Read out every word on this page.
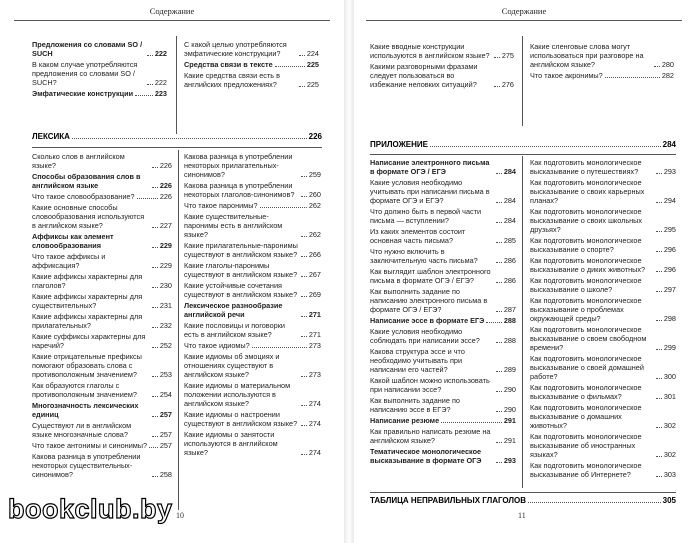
Содержание
Предложения со словами SO / SUCH	222
В каком случае употребляются предложения со словами SO / SUCH?	222
Эмфатические конструкции	223
С какой целью употребляются эмфатические конструкции?	224
Средства связи в тексте	225
Какие средства связи есть в английских предложениях?	225
ЛЕКСИКА	226
Сколько слов в английском языке?	226
Способы образования слов в английском языке	226
Что такое словообразование?	226
Какие основные способы словообразования используются в английском языке?	227
Аффиксы как элемент словообразования	229
Что такое аффиксы и аффиксация?	229
Какие аффиксы характерны для глаголов?	230
Какие аффиксы характерны для существительных?	231
Какие аффиксы характерны для прилагательных?	232
Какие суффиксы характерны для наречий?	252
Какие отрицательные префиксы помогают образовать слова с противоположным значением?	253
Как образуются глаголы с противоположным значением?	254
Многозначность лексических единиц	257
Существуют ли в английском языке многозначные слова?	257
Что такое антонимы и синонимы? 257
Какова разница в употреблении некоторых существительных-синонимов?	258
Какова разница в употреблении некоторых прилагательных-синонимов?	259
Какова разница в употреблении некоторых глаголов-синонимов?	260
Что такое паронимы?	262
Какие существительные-паронимы есть в английском языке?	262
Какие прилагательные-паронимы существуют в английском языке? 266
Какие глаголы-паронимы существуют в английском языке? 267
Какие устойчивые сочетания существуют в английском языке? 269
Лексическое разнообразие английской речи	271
Какие пословицы и поговорки есть в английском языке?	271
Что такое идиомы?	273
Какие идиомы об эмоциях и отношениях существуют в английском языке?	273
Какие идиомы о материальном положении используются в английском языке?	274
Какие идиомы о настроении существуют в английском языке? 274
Какие идиомы о занятости используются в английском языке?	274
10
Содержание
Какие вводные конструкции используются в английском языке?	275
Какими разговорными фразами следует пользоваться во избежание неловких ситуаций?	276
Какие сленговые слова могут использоваться при разговоре на английском языке?	280
Что такое акронимы?	282
ПРИЛОЖЕНИЕ	284
Написание электронного письма в формате ОГЭ / ЕГЭ	284
Какие условия необходимо учитывать при написании письма в формате ОГЭ и ЕГЭ?	284
Что должно быть в первой части письма — вступлении?	284
Из каких элементов состоит основная часть письма?	285
Что нужно включить в заключительную часть письма?	286
Как выглядит шаблон электронного письма в формате ОГЭ / ЕГЭ?	286
Как выполнить задание по написанию электронного письма в формате ОГЭ / ЕГЭ?	287
Написание эссе в формате ЕГЭ	288
Какие условия необходимо соблюдать при написании эссе?	288
Какова структура эссе и что необходимо учитывать при написании его частей?	289
Какой шаблон можно использовать при написании эссе?	290
Как выполнить задание по написанию эссе в ЕГЭ?	290
Написание резюме	291
Как правильно написать резюме на английском языке?	291
Тематическое монологическое высказывание в формате ОГЭ	293
Как подготовить монологическое высказывание о путешествиях?	293
Как подготовить монологическое высказывание о своих карьерных планах?	294
Как подготовить монологическое высказывание о своих школьных друзьях?	295
Как подготовить монологическое высказывание о спорте?	296
Как подготовить монологическое высказывание о диких животных?	296
Как подготовить монологическое высказывание о школе?	297
Как подготовить монологическое высказывание о проблемах окружающей среды?	298
Как подготовить монологическое высказывание о своем свободном времени?	299
Как подготовить монологическое высказывание о своей домашней работе?	300
Как подготовить монологическое высказывание о фильмах?	301
Как подготовить монологическое высказывание о домашних животных?	302
Как подготовить монологическое высказывание об иностранных языках?	302
Как подготовить монологическое высказывание об Интернете?	303
ТАБЛИЦА НЕПРАВИЛЬНЫХ ГЛАГОЛОВ	305
11
bookclub.by
